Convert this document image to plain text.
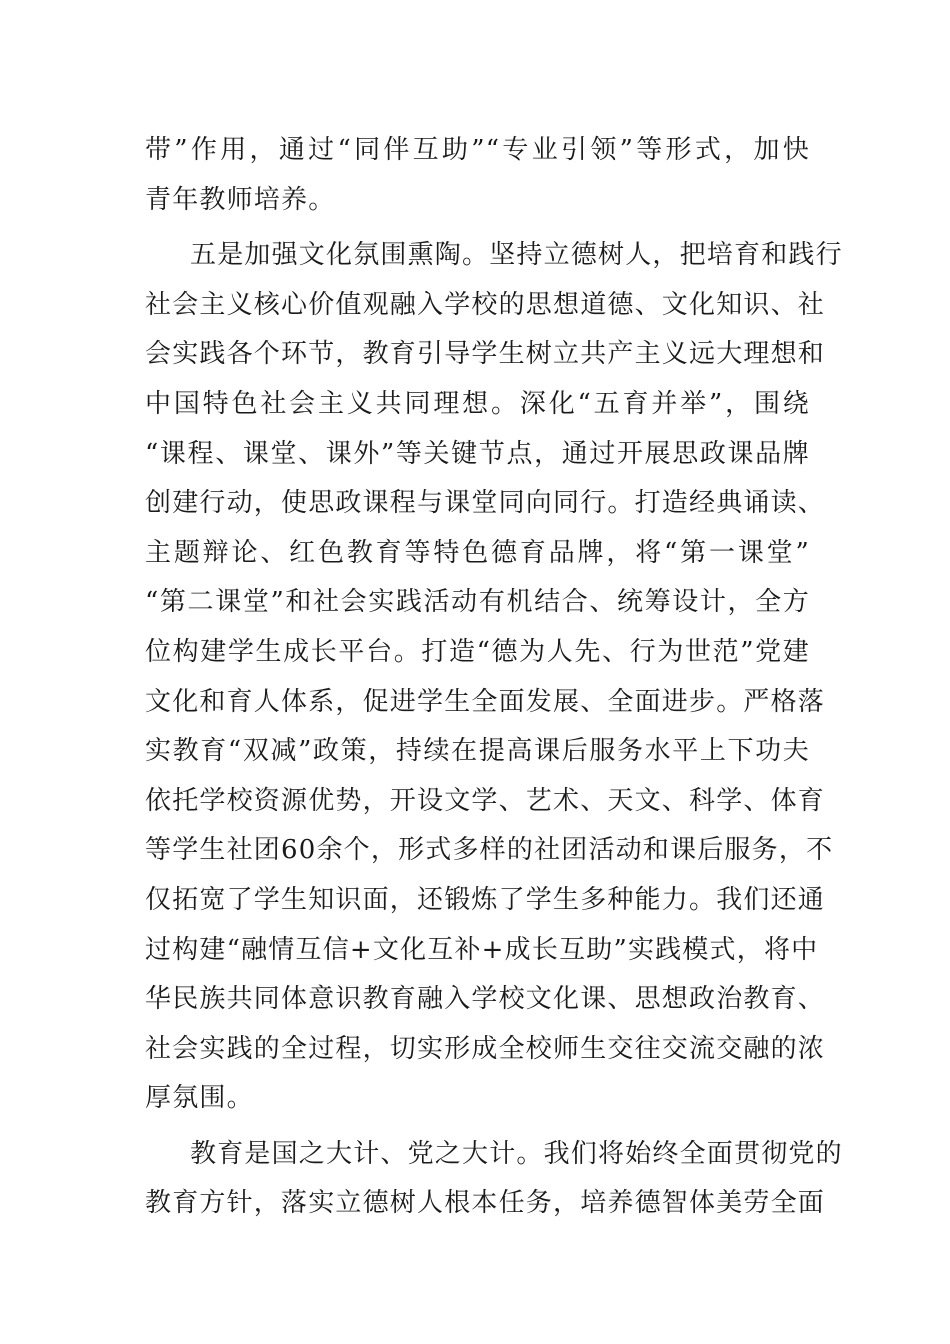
带”作用，通过“同伴互助”“专业引领”等形式，加快
青年教师培养。
五是加强文化氛围熏陶。坚持立德树人，把培育和践行
社会主义核心价值观融入学校的思想道德、文化知识、社
会实践各个环节，教育引导学生树立共产主义远大理想和
中国特色社会主义共同理想。深化“五育并举”，围绕
“课程、课堂、课外”等关键节点，通过开展思政课品牌
创建行动，使思政课程与课堂同向同行。打造经典诵读、
主题辩论、红色教育等特色德育品牌，将“第一课堂”
“第二课堂”和社会实践活动有机结合、统筹设计，全方
位构建学生成长平台。打造“德为人先、行为世范”党建
文化和育人体系，促进学生全面发展、全面进步。严格落
实教育“双减”政策，持续在提高课后服务水平上下功夫
依托学校资源优势，开设文学、艺术、天文、科学、体育
等学生社团60余个，形式多样的社团活动和课后服务，不
仅拓宽了学生知识面，还锻炼了学生多种能力。我们还通
过构建“融情互信+文化互补+成长互助”实践模式，将中
华民族共同体意识教育融入学校文化课、思想政治教育、
社会实践的全过程，切实形成全校师生交往交流交融的浓
厚氛围。
教育是国之大计、党之大计。我们将始终全面贯彻党的
教育方针，落实立德树人根本任务，培养德智体美劳全面
